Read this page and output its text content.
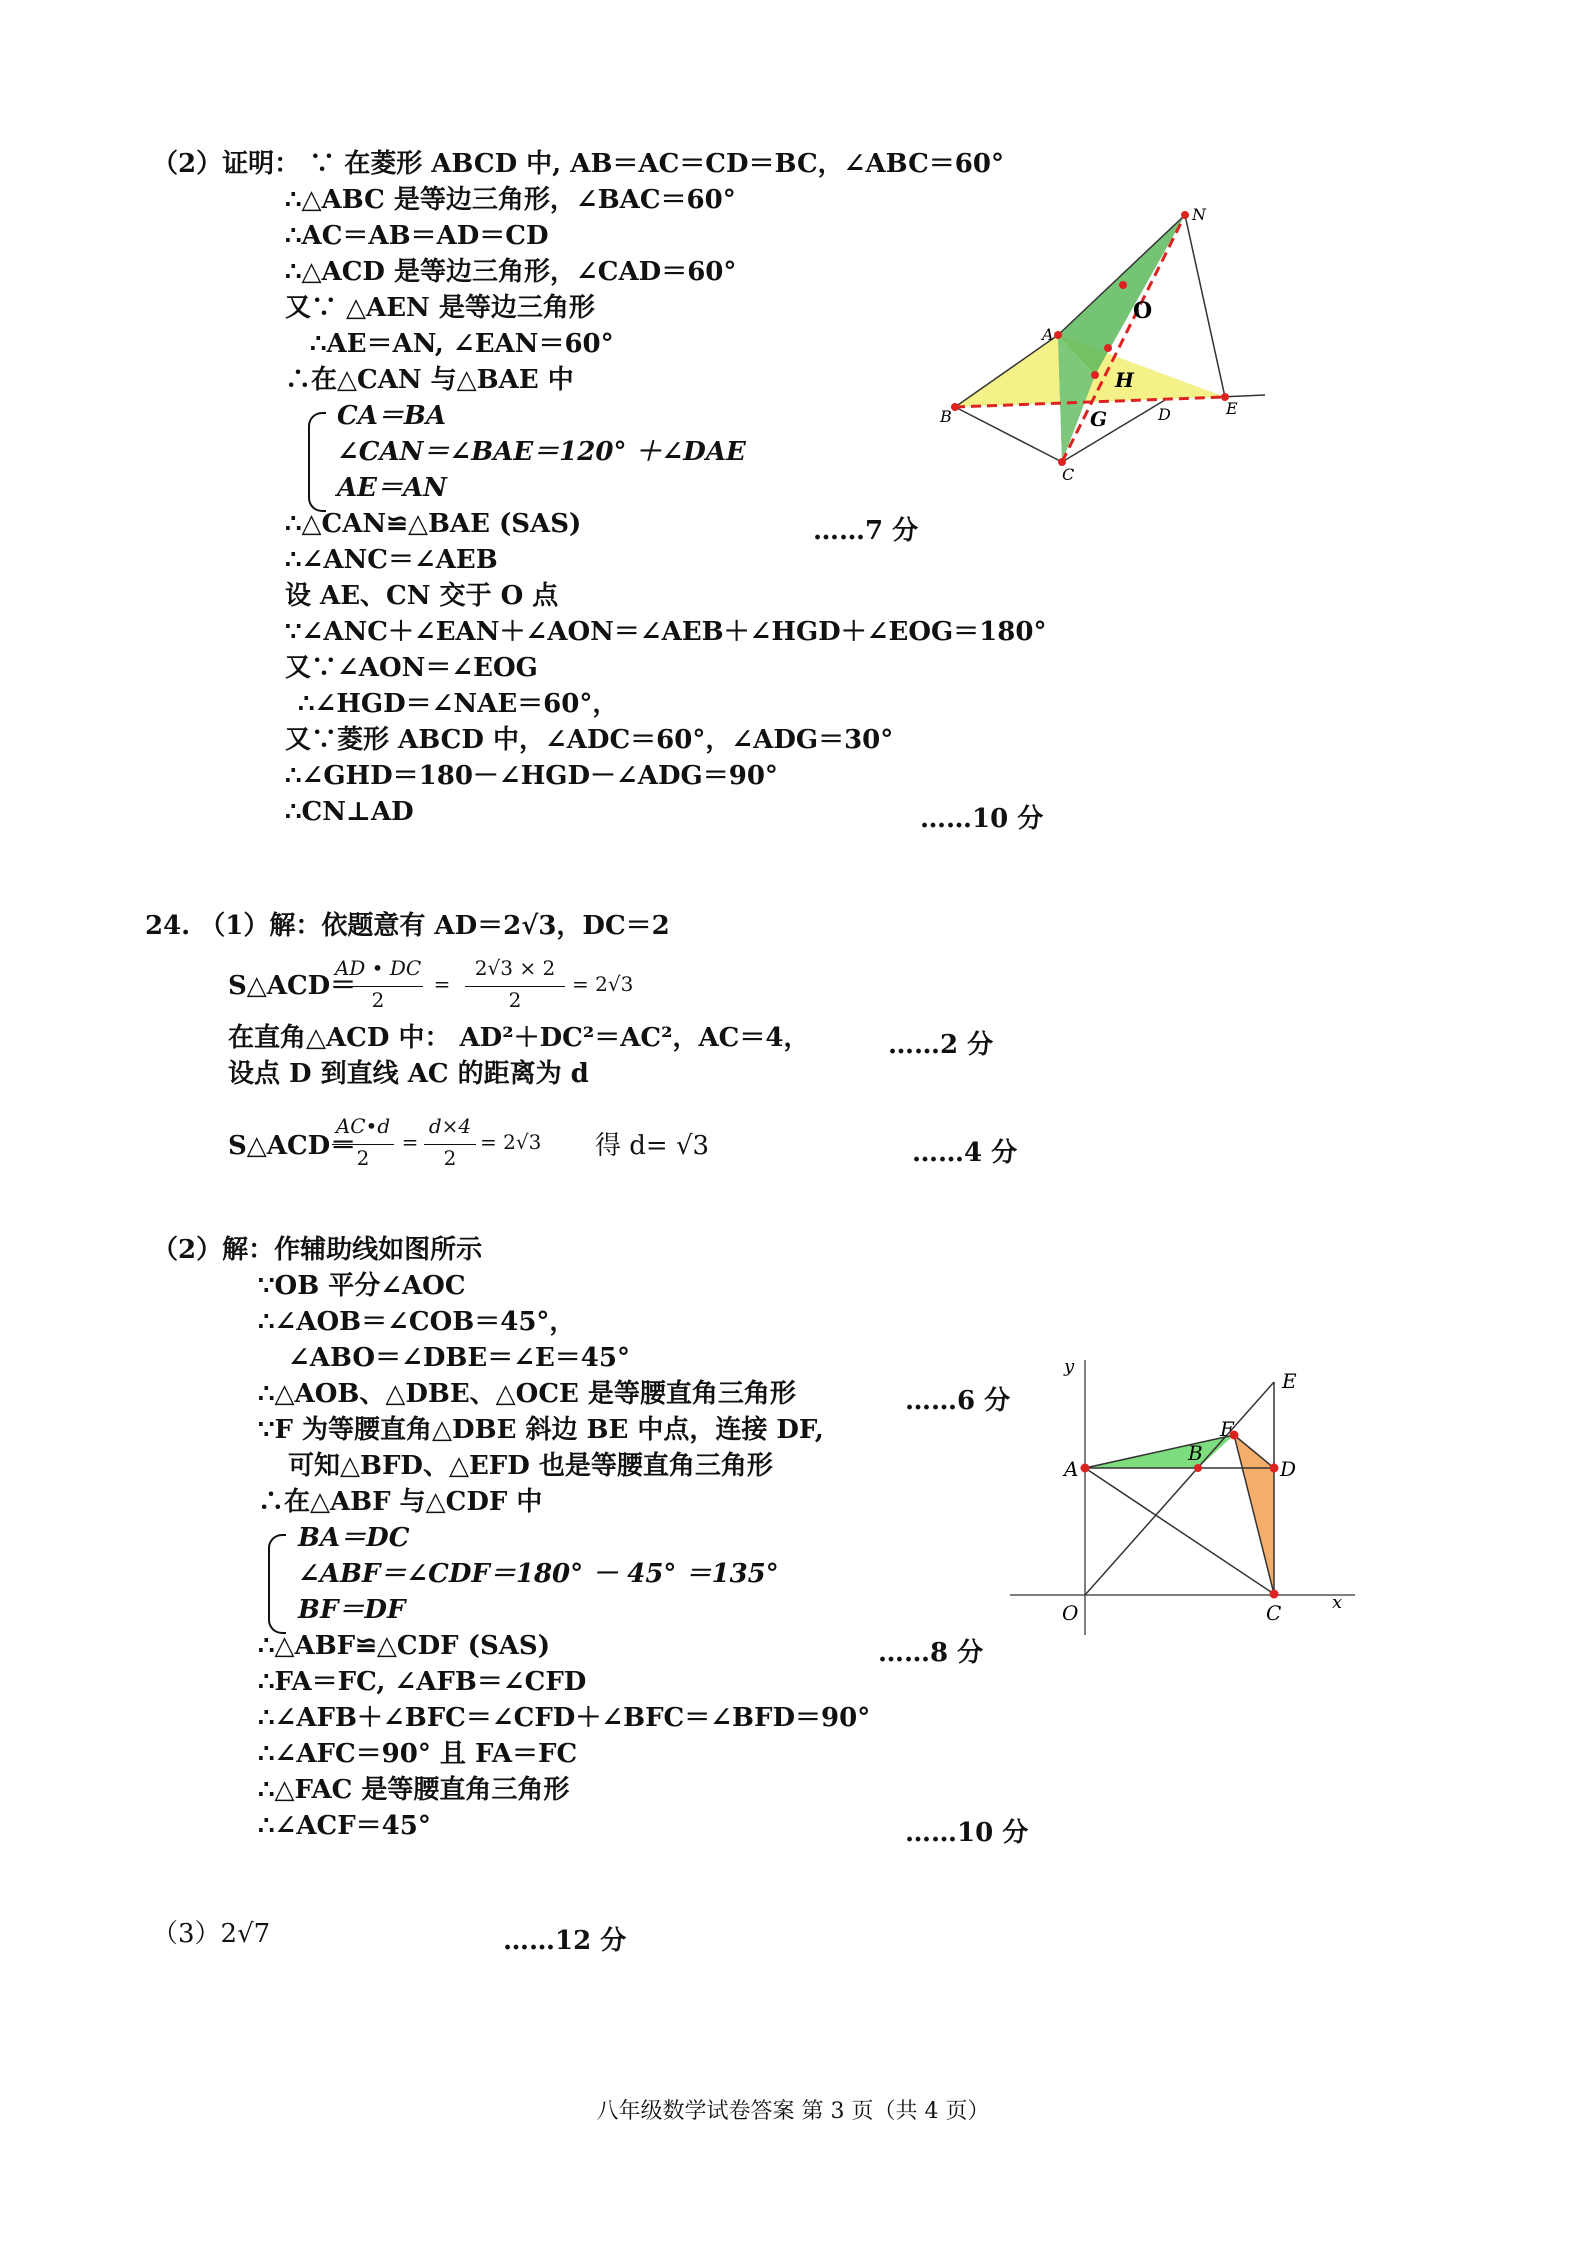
（2）证明： ∵ 在菱形 ABCD 中, AB＝AC＝CD＝BC，∠ABC＝60°
∴△ABC 是等边三角形，∠BAC＝60°
∴AC＝AB＝AD＝CD
∴△ACD 是等边三角形，∠CAD＝60°
又∵ △AEN 是等边三角形
∴AE＝AN, ∠EAN＝60°
∴在△CAN 与△BAE 中
CA＝BA
∠CAN＝∠BAE＝120° ＋∠DAE
AE＝AN
∴△CAN≌△BAE (SAS)	……7 分
∴∠ANC＝∠AEB
设 AE、CN 交于 O 点
∵∠ANC＋∠EAN＋∠AON＝∠AEB＋∠HGD＋∠EOG＝180°
又∵∠AON＝∠EOG
∴∠HGD＝∠NAE＝60°，
又∵菱形 ABCD 中，∠ADC＝60°，∠ADG＝30°
∴∠GHD＝180－∠HGD－∠ADG＝90°
∴CN⊥AD	……10 分
N
O
A
H
B	G	D	E
C
24. （1）解：依题意有 AD＝2√3，DC＝2
S△ACD＝
AD • DC
2
=
2√3 × 2
2
= 2√3
在直角△ACD 中： AD²＋DC²＝AC²，AC＝4，	……2 分
设点 D 到直线 AC 的距离为 d
S△ACD＝
AC•d
2
=
d×4
2
= 2√3	得 d= √3	……4 分
（2）解：作辅助线如图所示
∵OB 平分∠AOC
∴∠AOB＝∠COB＝45°，
∠ABO＝∠DBE＝∠E＝45°
∴△AOB、△DBE、△OCE 是等腰直角三角形	……6 分
∵F 为等腰直角△DBE 斜边 BE 中点，连接 DF,
可知△BFD、△EFD 也是等腰直角三角形
∴在△ABF 与△CDF 中
BA＝DC
∠ABF＝∠CDF＝180° － 45° ＝135°
BF＝DF
∴△ABF≌△CDF (SAS)	……8 分
∴FA＝FC, ∠AFB＝∠CFD
∴∠AFB＋∠BFC＝∠CFD＋∠BFC＝∠BFD＝90°
∴∠AFC＝90° 且 FA＝FC
∴△FAC 是等腰直角三角形
∴∠ACF＝45°	……10 分
y
E
F
A
B
D
O	C	x
（3）2√7	……12 分
八年级数学试卷答案 第 3 页（共 4 页）
